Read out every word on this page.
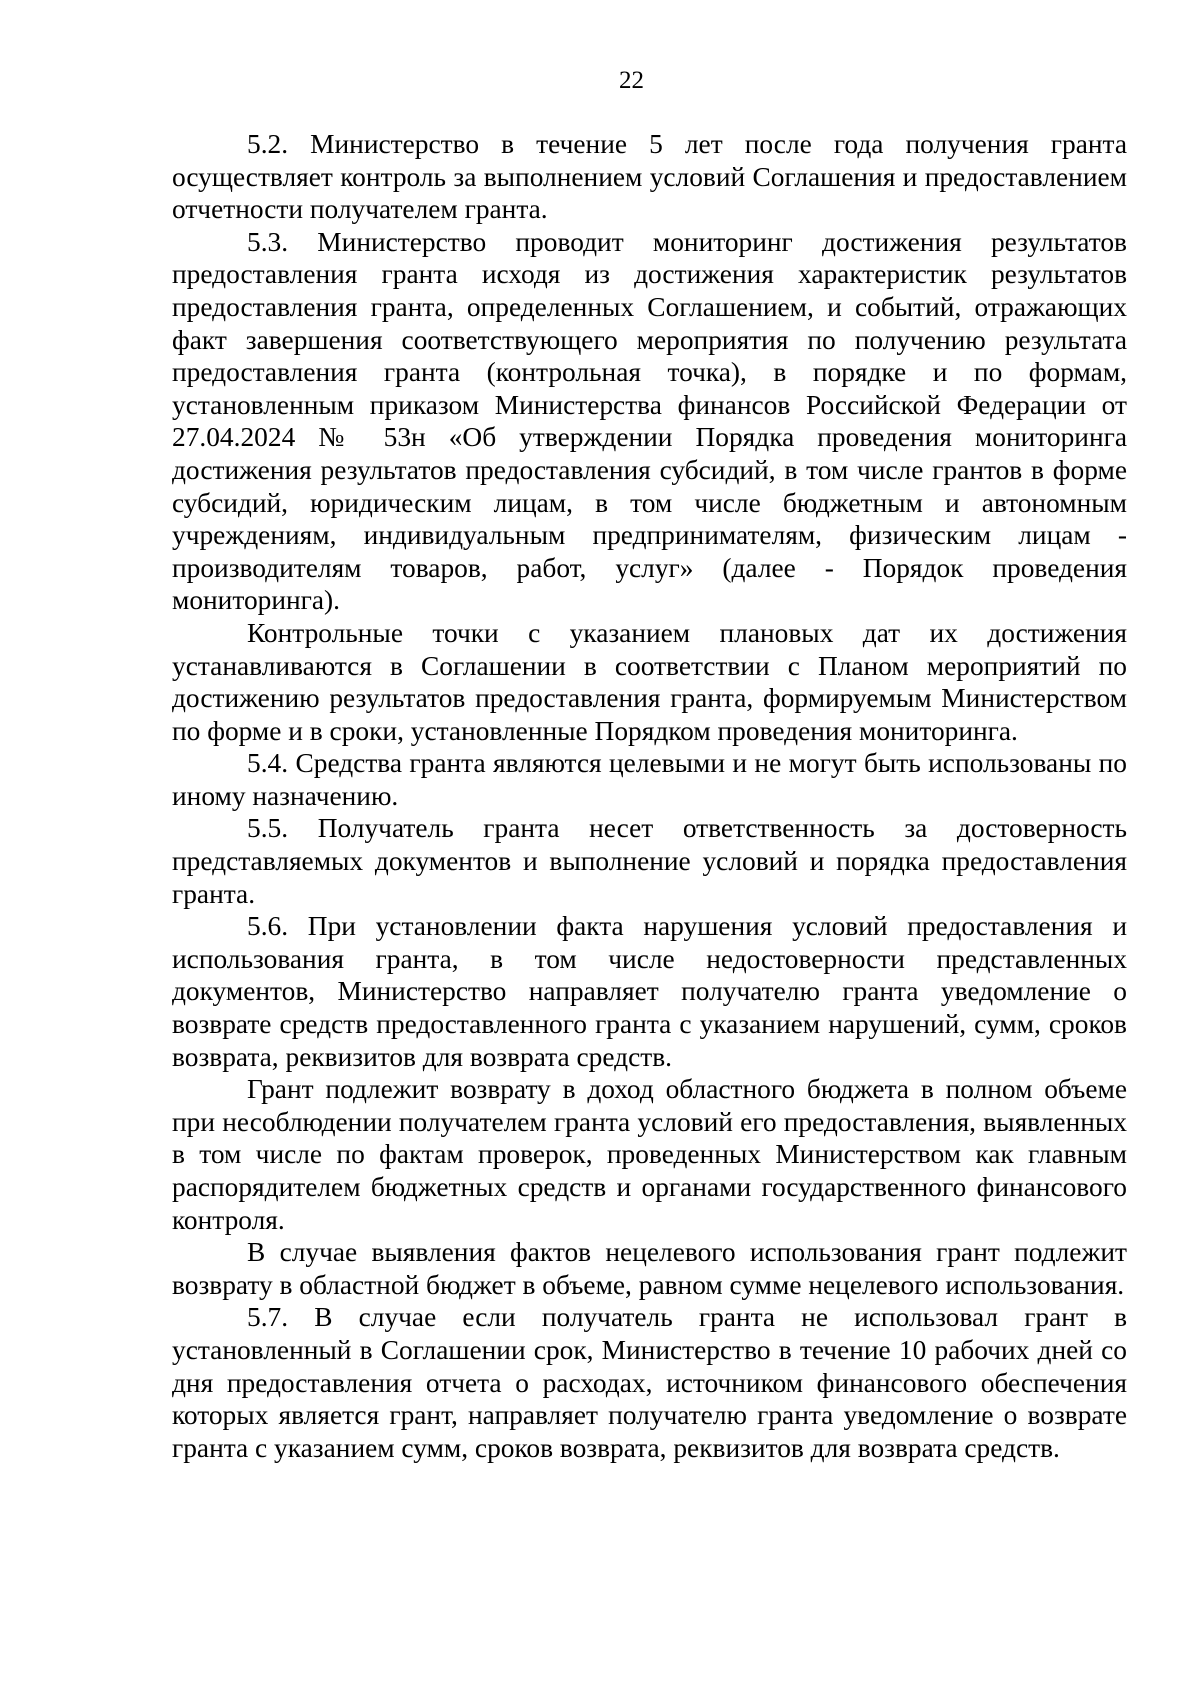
22

5.2. Министерство в течение 5 лет после года получения гранта осуществляет контроль за выполнением условий Соглашения и предоставлением отчетности получателем гранта.

5.3. Министерство проводит мониторинг достижения результатов предоставления гранта исходя из достижения характеристик результатов предоставления гранта, определенных Соглашением, и событий, отражающих факт завершения соответствующего мероприятия по получению результата предоставления гранта (контрольная точка), в порядке и по формам, установленным приказом Министерства финансов Российской Федерации от 27.04.2024 № 53н «Об утверждении Порядка проведения мониторинга достижения результатов предоставления субсидий, в том числе грантов в форме субсидий, юридическим лицам, в том числе бюджетным и автономным учреждениям, индивидуальным предпринимателям, физическим лицам - производителям товаров, работ, услуг» (далее - Порядок проведения мониторинга).

Контрольные точки с указанием плановых дат их достижения устанавливаются в Соглашении в соответствии с Планом мероприятий по достижению результатов предоставления гранта, формируемым Министерством по форме и в сроки, установленные Порядком проведения мониторинга.

5.4. Средства гранта являются целевыми и не могут быть использованы по иному назначению.

5.5. Получатель гранта несет ответственность за достоверность представляемых документов и выполнение условий и порядка предоставления гранта.

5.6. При установлении факта нарушения условий предоставления и использования гранта, в том числе недостоверности представленных документов, Министерство направляет получателю гранта уведомление о возврате средств предоставленного гранта с указанием нарушений, сумм, сроков возврата, реквизитов для возврата средств.

Грант подлежит возврату в доход областного бюджета в полном объеме при несоблюдении получателем гранта условий его предоставления, выявленных в том числе по фактам проверок, проведенных Министерством как главным распорядителем бюджетных средств и органами государственного финансового контроля.

В случае выявления фактов нецелевого использования грант подлежит возврату в областной бюджет в объеме, равном сумме нецелевого использования.

5.7. В случае если получатель гранта не использовал грант в установленный в Соглашении срок, Министерство в течение 10 рабочих дней со дня предоставления отчета о расходах, источником финансового обеспечения которых является грант, направляет получателю гранта уведомление о возврате гранта с указанием сумм, сроков возврата, реквизитов для возврата средств.
